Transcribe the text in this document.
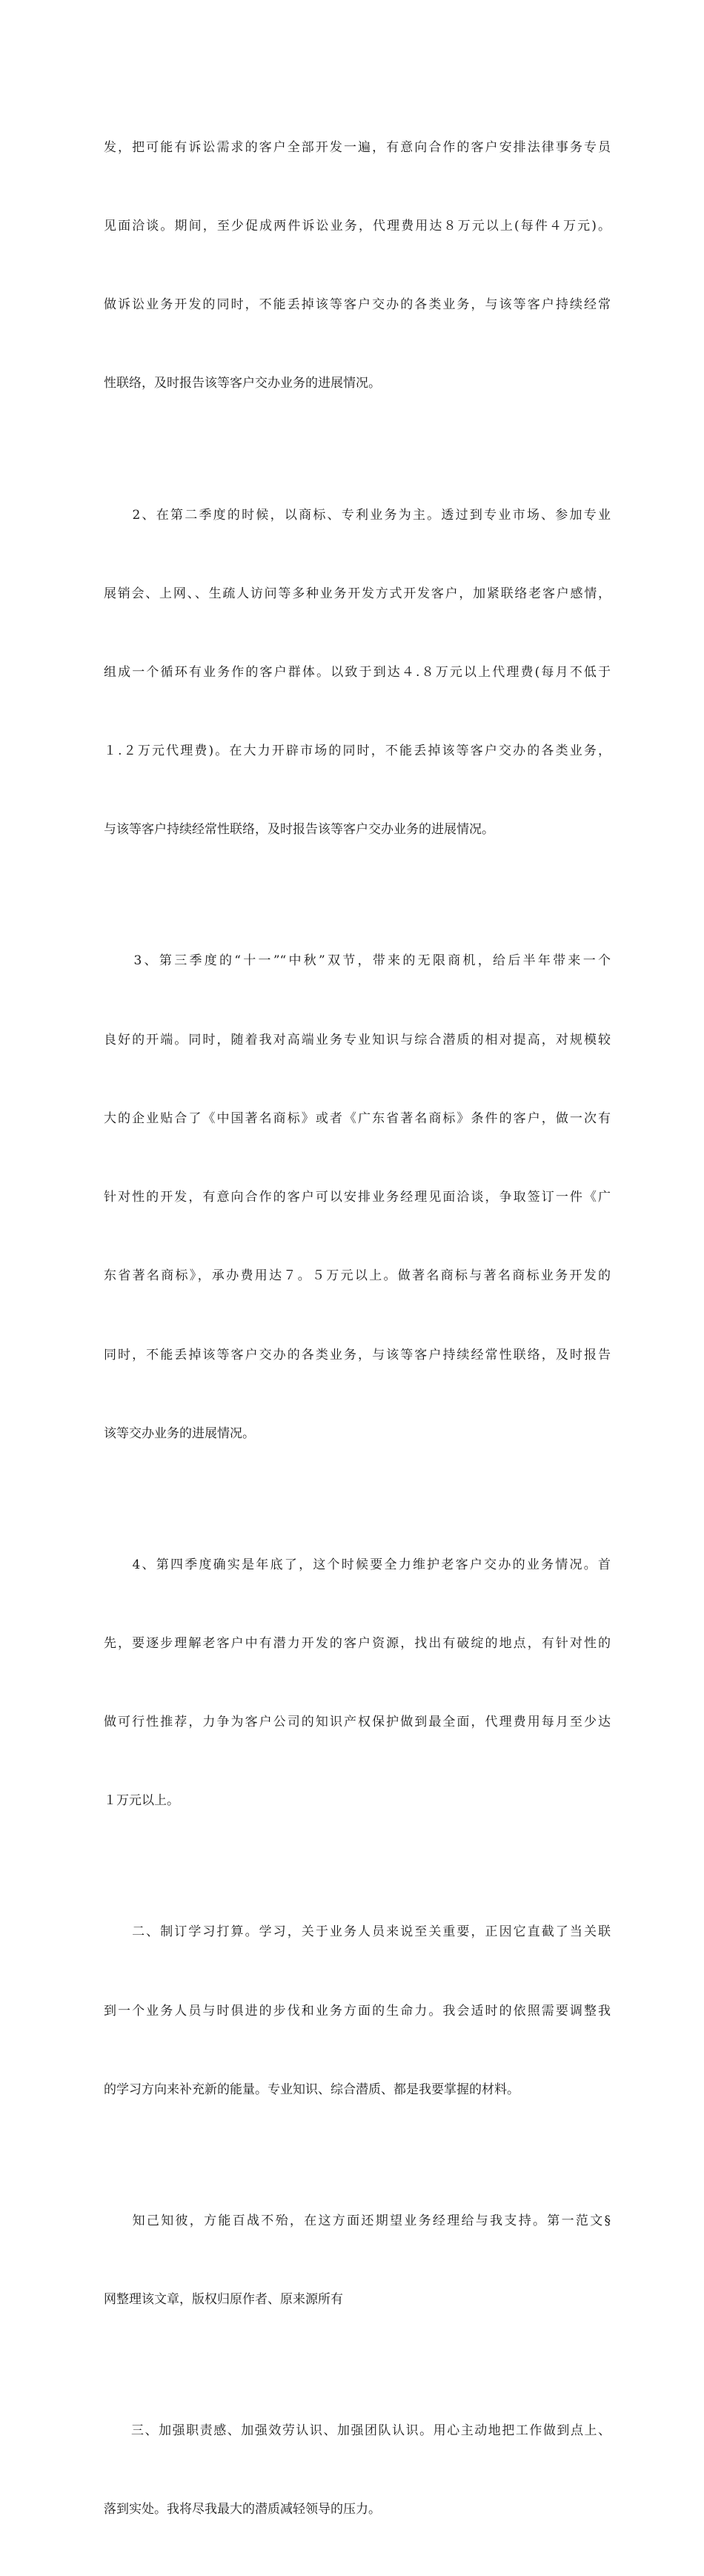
发，把可能有诉讼需求的客户全部开发一遍，有意向合作的客户安排法律事务专员

见面洽谈。期间，至少促成两件诉讼业务，代理费用达８万元以上(每件４万元)。

做诉讼业务开发的同时，不能丢掉该等客户交办的各类业务，与该等客户持续经常

性联络，及时报告该等客户交办业务的进展情况。

　　2、在第二季度的时候，以商标、专利业务为主。透过到专业市场、参加专业

展销会、上网、、生疏人访问等多种业务开发方式开发客户，加紧联络老客户感情，

组成一个循环有业务作的客户群体。以致于到达４.８万元以上代理费(每月不低于

１.２万元代理费)。在大力开辟市场的同时，不能丢掉该等客户交办的各类业务，

与该等客户持续经常性联络，及时报告该等客户交办业务的进展情况。

　　3、第三季度的“十一”“中秋”双节，带来的无限商机，给后半年带来一个

良好的开端。同时，随着我对高端业务专业知识与综合潜质的相对提高，对规模较

大的企业贴合了《中国著名商标》或者《广东省著名商标》条件的客户，做一次有

针对性的开发，有意向合作的客户可以安排业务经理见面洽谈，争取签订一件《广

东省著名商标》，承办费用达７。５万元以上。做著名商标与著名商标业务开发的

同时，不能丢掉该等客户交办的各类业务，与该等客户持续经常性联络，及时报告

该等交办业务的进展情况。

　　4、第四季度确实是年底了，这个时候要全力维护老客户交办的业务情况。首

先，要逐步理解老客户中有潜力开发的客户资源，找出有破绽的地点，有针对性的

做可行性推荐，力争为客户公司的知识产权保护做到最全面，代理费用每月至少达

１万元以上。

　　二、制订学习打算。学习，关于业务人员来说至关重要，正因它直截了当关联

到一个业务人员与时俱进的步伐和业务方面的生命力。我会适时的依照需要调整我

的学习方向来补充新的能量。专业知识、综合潜质、都是我要掌握的材料。

　　知己知彼，方能百战不殆，在这方面还期望业务经理给与我支持。第一范文§

网整理该文章，版权归原作者、原来源所有

　　三、加强职责感、加强效劳认识、加强团队认识。用心主动地把工作做到点上、

落到实处。我将尽我最大的潜质减轻领导的压力。
